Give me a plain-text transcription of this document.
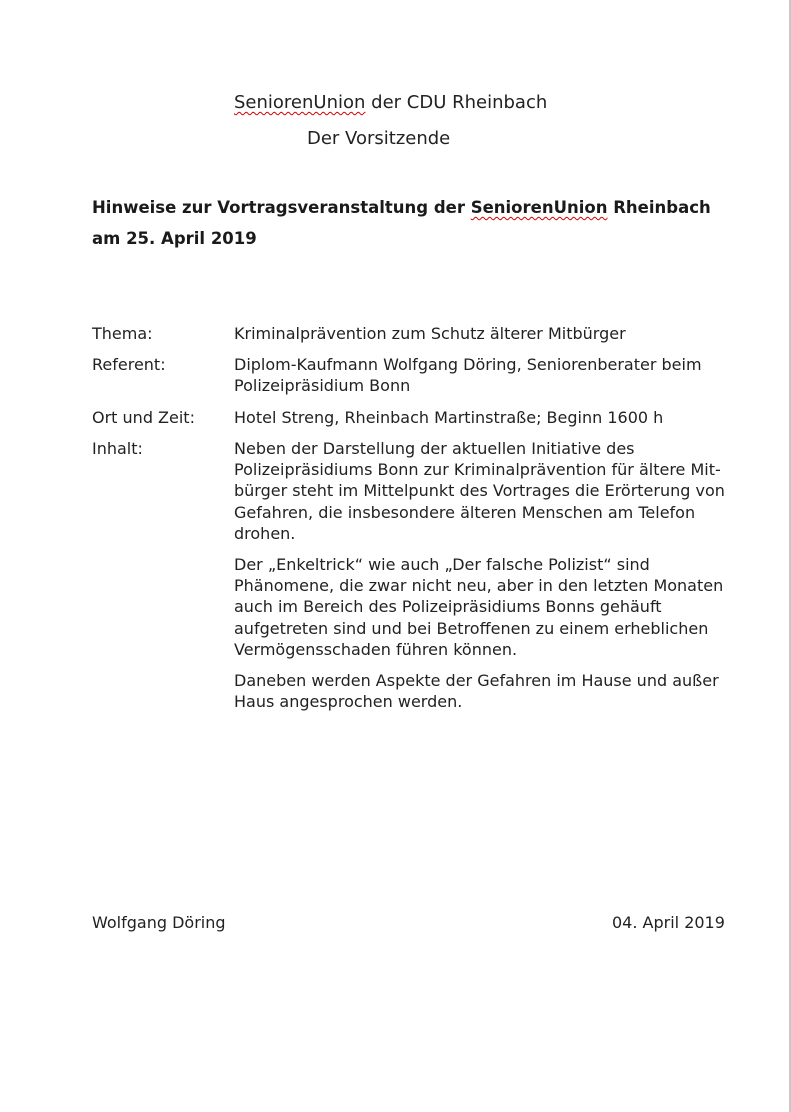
SeniorenUnion der CDU Rheinbach
Der Vorsitzende
Hinweise zur Vortragsveranstaltung der SeniorenUnion Rheinbach
am 25. April 2019
Thema:	Kriminalprävention zum Schutz älterer Mitbürger
Referent:	Diplom-Kaufmann Wolfgang Döring, Seniorenberater beim Polizeipräsidium Bonn
Ort und Zeit: Hotel Streng, Rheinbach Martinstraße; Beginn 1600 h
Inhalt:	Neben der Darstellung der aktuellen Initiative des Polizeipräsidiums Bonn zur Kriminalprävention für ältere Mit-bürger steht im Mittelpunkt des Vortrages die Erörterung von Gefahren, die insbesondere älteren Menschen am Telefon drohen.

Der „Enkeltrick“ wie auch „Der falsche Polizist“ sind Phänomene, die zwar nicht neu, aber in den letzten Monaten auch im Bereich des Polizeipräsidiums Bonns gehäuft aufgetreten sind und bei Betroffenen zu einem erheblichen Vermögensschaden führen können.

Daneben werden Aspekte der Gefahren im Hause und außer Haus angesprochen werden.

Wolfgang Döring	04. April 2019
